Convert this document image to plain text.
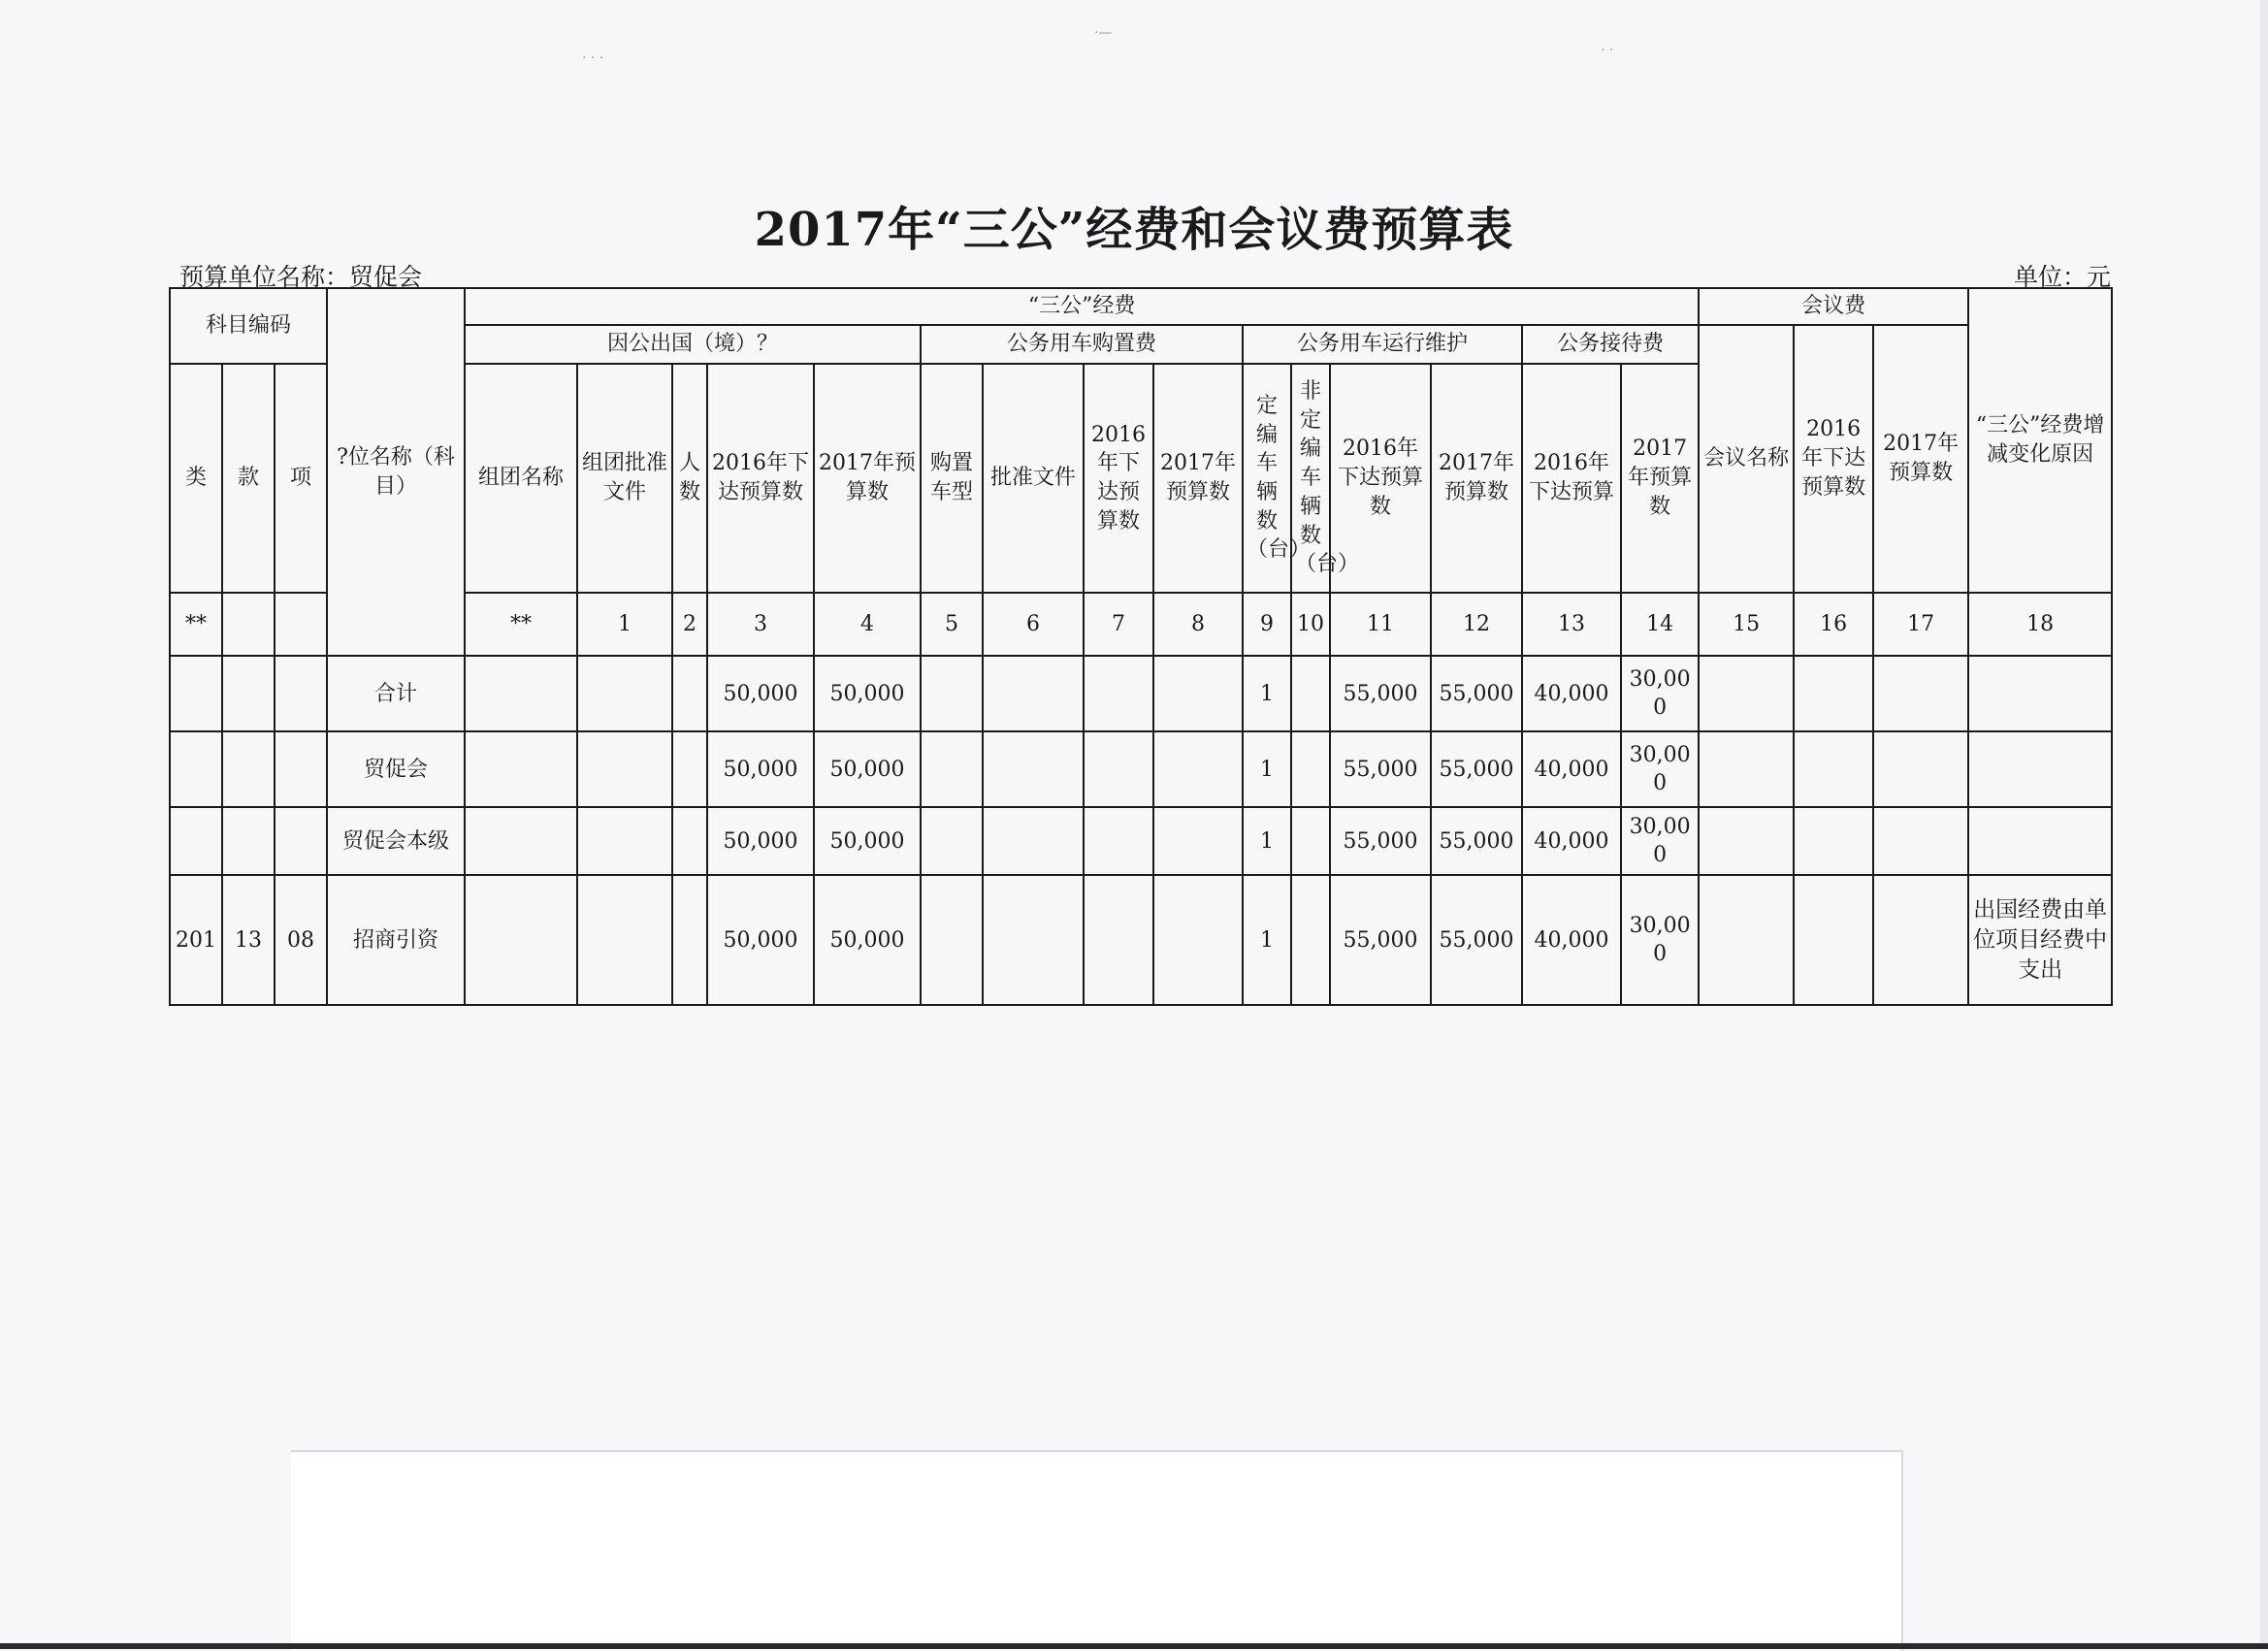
· · ·
·—
· ·
2017年“三公”经费和会议费预算表
预算单位名称：贸促会	单位：元
科目编码			?位名称（科目）	“三公”经费															会议费			“三公”经费增减变化原因	
				因公出国（境）？					公务用车购置费				公务用车运行维护				公务接待费		会议名称	2016年下达预算数	2017年预算数		
类	款	项		组团名称	组团批准文件	人数	2016年下达预算数	2017年预算数	购置车型	批准文件	2016年下达预算数	2017年预算数	定编车辆数（台）	非定编车辆数（台）	2016年下达预算数	2017年预算数	2016年下达预算	2017年预算数					
**				**	1	2	3	4	5	6	7	8	9	10	11	12	13	14	15	16	17	18	
			合计				50,000	50,000					1		55,000	55,000	40,000	30,000					
			贸促会				50,000	50,000					1		55,000	55,000	40,000	30,000					
			贸促会本级				50,000	50,000					1		55,000	55,000	40,000	30,000					
201	13	08	招商引资				50,000	50,000					1		55,000	55,000	40,000	30,000				出国经费由单位项目经费中支出	
